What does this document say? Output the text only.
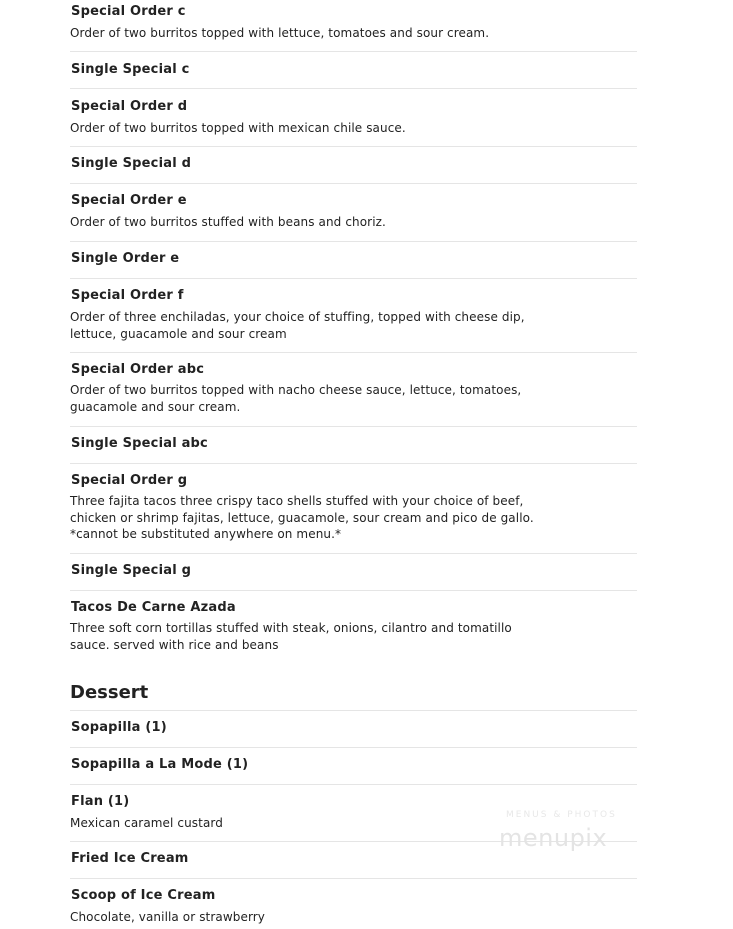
Special Order c
Order of two burritos topped with lettuce, tomatoes and sour cream.
Single Special c
Special Order d
Order of two burritos topped with mexican chile sauce.
Single Special d
Special Order e
Order of two burritos stuffed with beans and choriz.
Single Order e
Special Order f
Order of three enchiladas, your choice of stuffing, topped with cheese dip, lettuce, guacamole and sour cream
Special Order abc
Order of two burritos topped with nacho cheese sauce, lettuce, tomatoes, guacamole and sour cream.
Single Special abc
Special Order g
Three fajita tacos three crispy taco shells stuffed with your choice of beef, chicken or shrimp fajitas, lettuce, guacamole, sour cream and pico de gallo. *cannot be substituted anywhere on menu.*
Single Special g
Tacos De Carne Azada
Three soft corn tortillas stuffed with steak, onions, cilantro and tomatillo sauce. served with rice and beans
Dessert
Sopapilla (1)
Sopapilla a La Mode (1)
Flan (1)
Mexican caramel custard
Fried Ice Cream
Scoop of Ice Cream
Chocolate, vanilla or strawberry
MENUS & PHOTOS
menupix
